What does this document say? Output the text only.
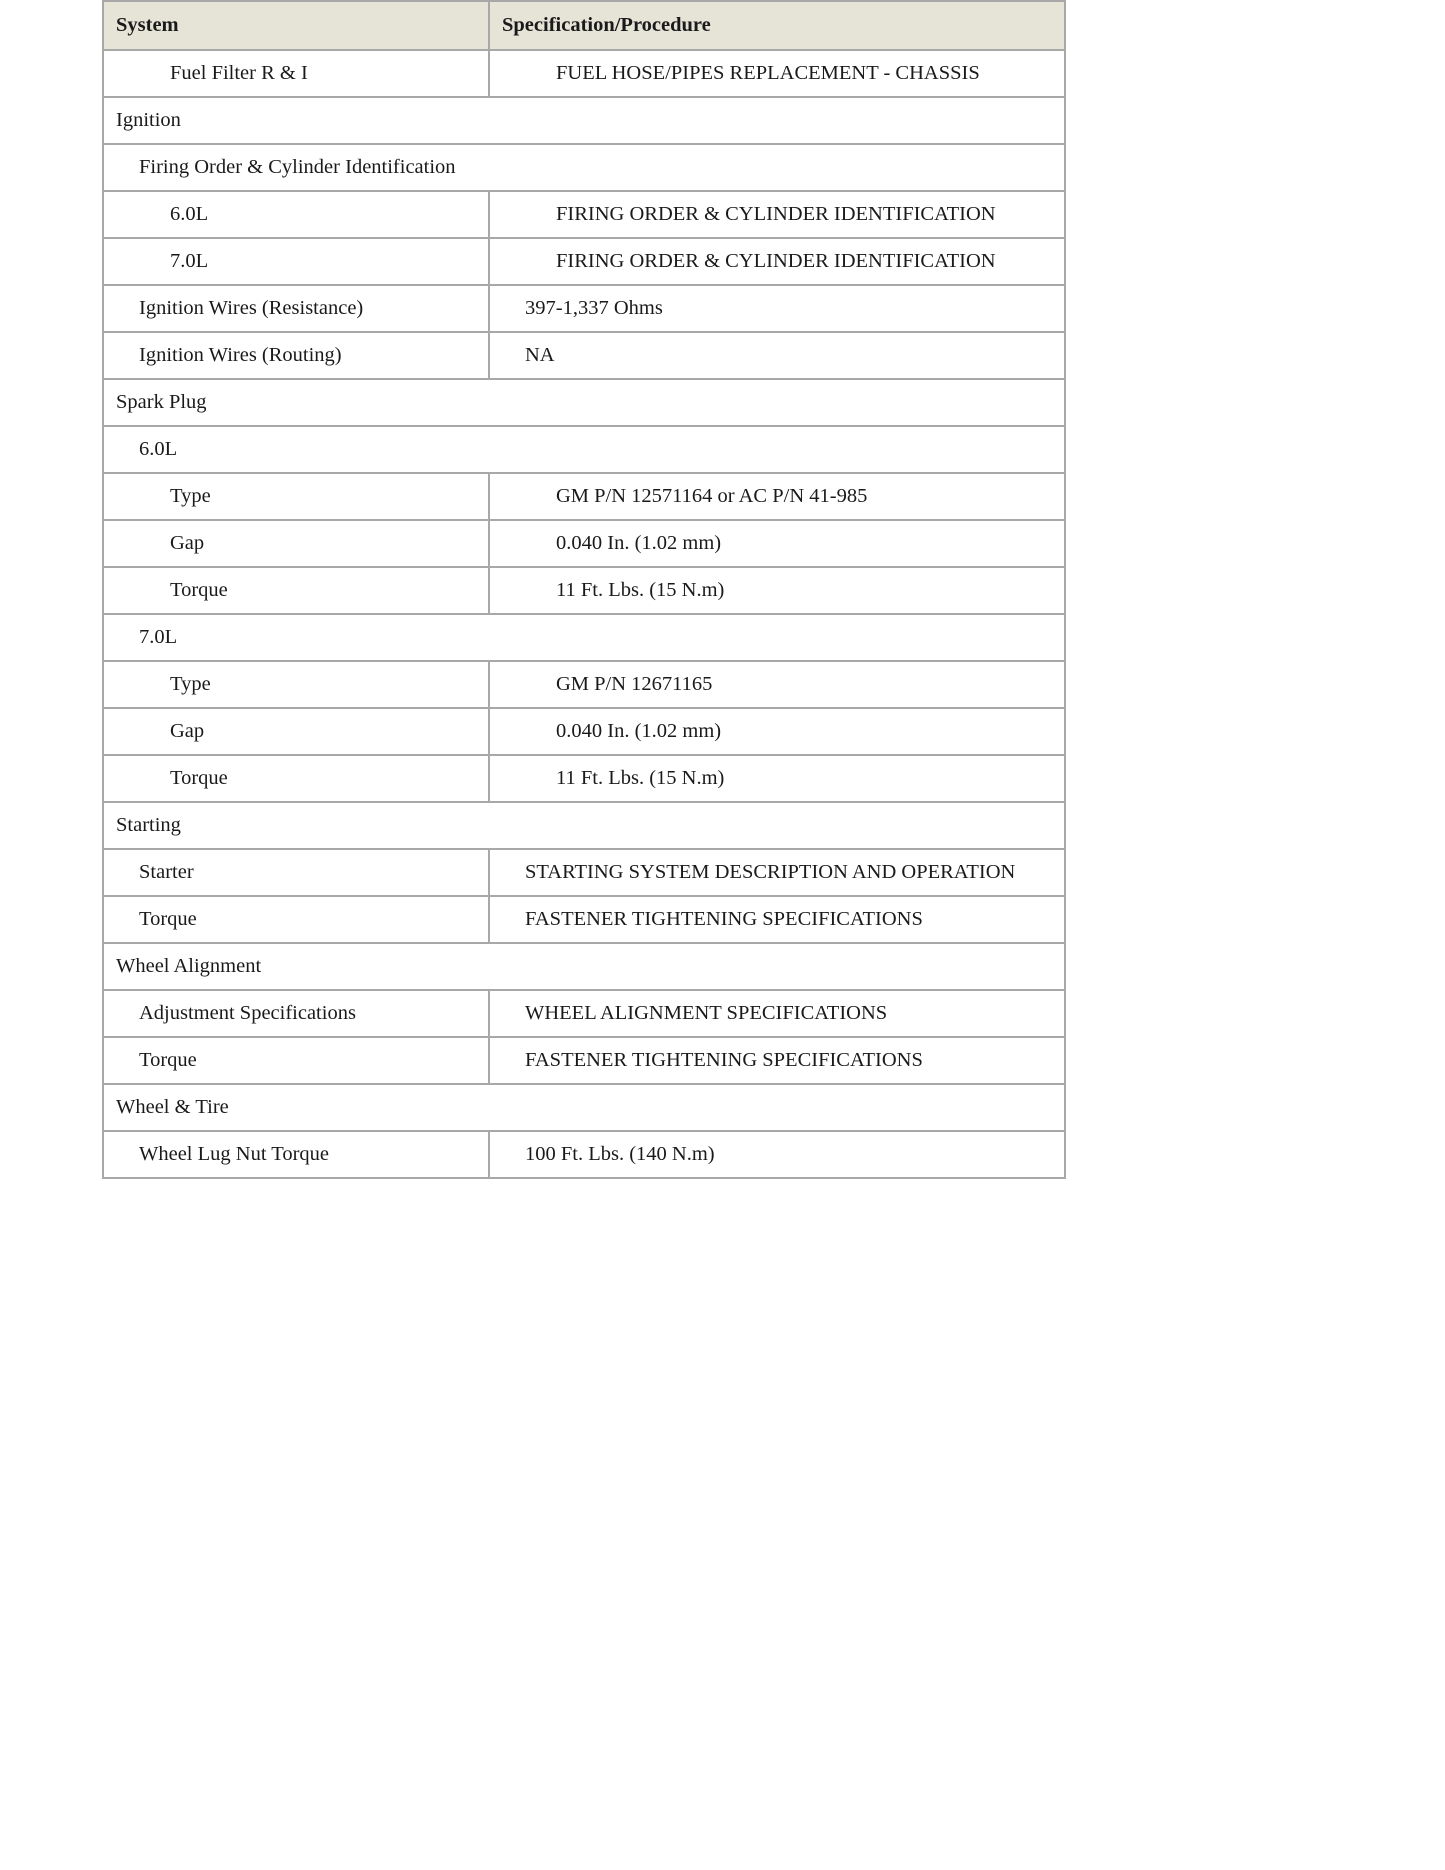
System	Specification/Procedure
Fuel Filter R & I	FUEL HOSE/PIPES REPLACEMENT - CHASSIS
Ignition	
Firing Order & Cylinder Identification	
6.0L	FIRING ORDER & CYLINDER IDENTIFICATION
7.0L	FIRING ORDER & CYLINDER IDENTIFICATION
Ignition Wires (Resistance)	397-1,337 Ohms
Ignition Wires (Routing)	NA
Spark Plug	
6.0L	
Type	GM P/N 12571164 or AC P/N 41-985
Gap	0.040 In. (1.02 mm)
Torque	11 Ft. Lbs. (15 N.m)
7.0L	
Type	GM P/N 12671165
Gap	0.040 In. (1.02 mm)
Torque	11 Ft. Lbs. (15 N.m)
Starting	
Starter	STARTING SYSTEM DESCRIPTION AND OPERATION
Torque	FASTENER TIGHTENING SPECIFICATIONS
Wheel Alignment	
Adjustment Specifications	WHEEL ALIGNMENT SPECIFICATIONS
Torque	FASTENER TIGHTENING SPECIFICATIONS
Wheel & Tire	
Wheel Lug Nut Torque	100 Ft. Lbs. (140 N.m)
